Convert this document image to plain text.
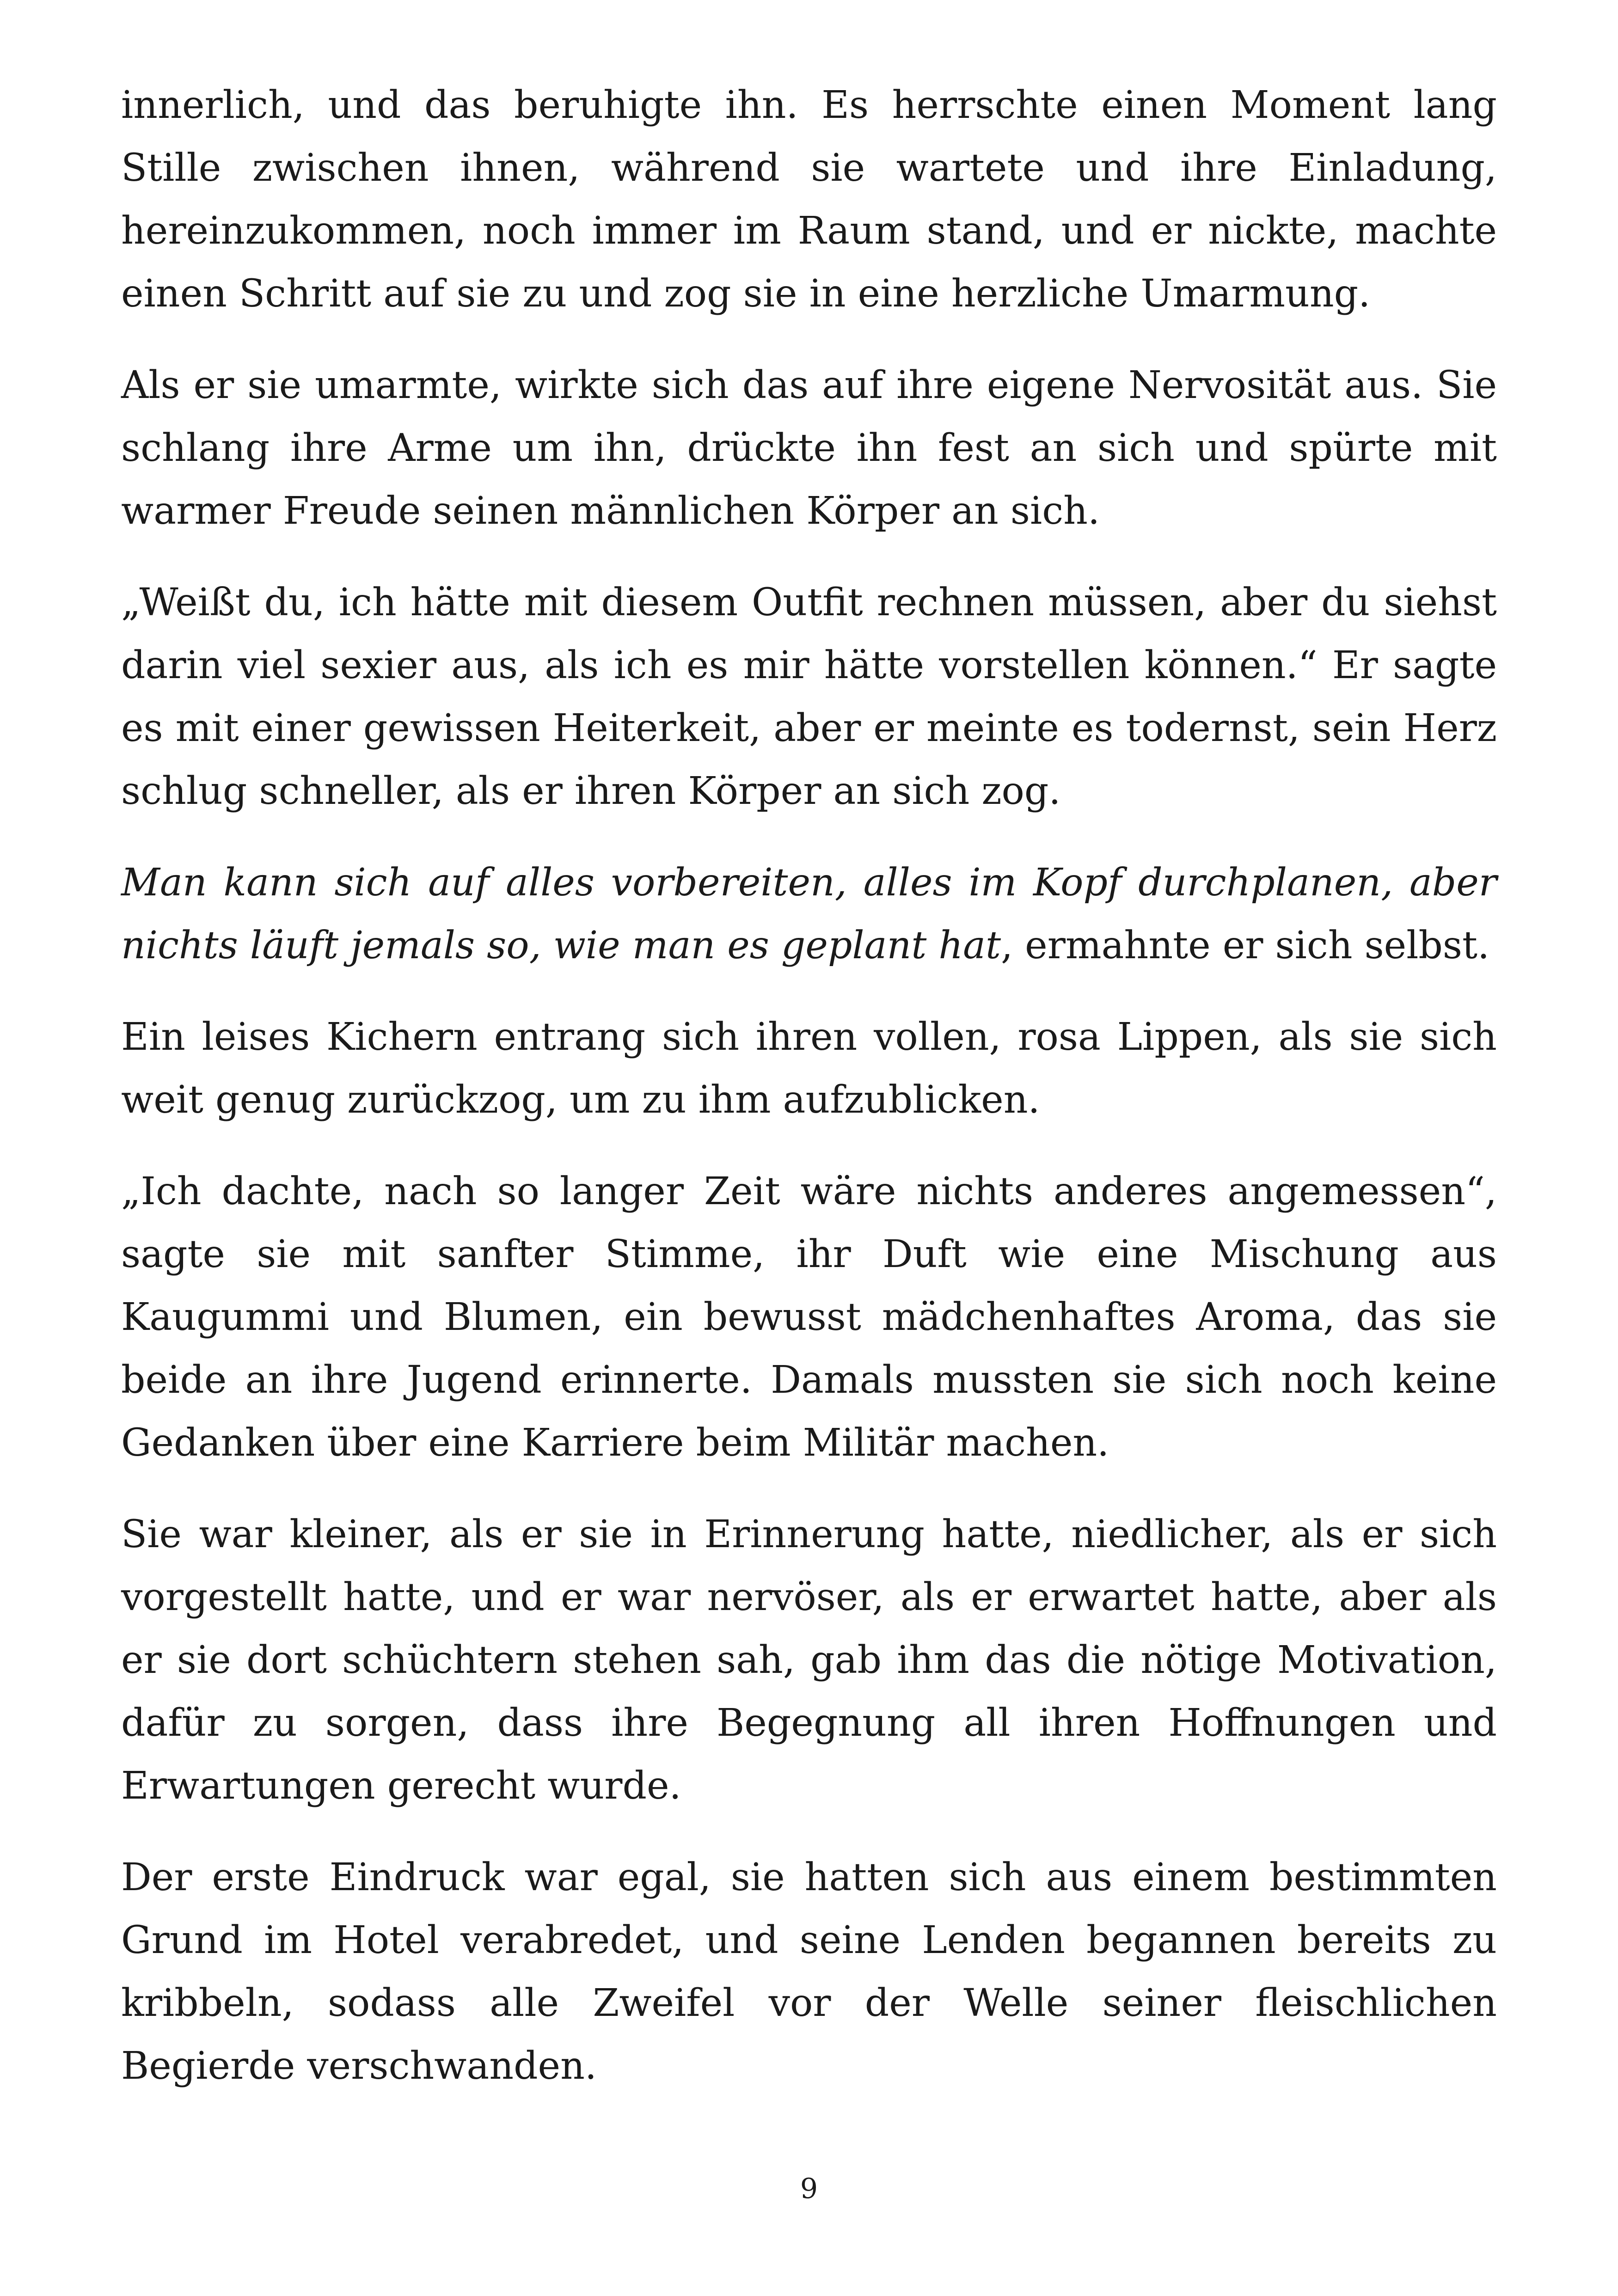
innerlich, und das beruhigte ihn. Es herrschte einen Moment lang Stille zwischen ihnen, während sie wartete und ihre Einladung, hereinzukommen, noch immer im Raum stand, und er nickte, machte einen Schritt auf sie zu und zog sie in eine herzliche Umarmung.

Als er sie umarmte, wirkte sich das auf ihre eigene Nervosität aus. Sie schlang ihre Arme um ihn, drückte ihn fest an sich und spürte mit warmer Freude seinen männlichen Körper an sich.

„Weißt du, ich hätte mit diesem Outfit rechnen müssen, aber du siehst darin viel sexier aus, als ich es mir hätte vorstellen können.“ Er sagte es mit einer gewissen Heiterkeit, aber er meinte es todernst, sein Herz schlug schneller, als er ihren Körper an sich zog.

Man kann sich auf alles vorbereiten, alles im Kopf durchplanen, aber nichts läuft jemals so, wie man es geplant hat, ermahnte er sich selbst.

Ein leises Kichern entrang sich ihren vollen, rosa Lippen, als sie sich weit genug zurückzog, um zu ihm aufzublicken.

„Ich dachte, nach so langer Zeit wäre nichts anderes angemessen“, sagte sie mit sanfter Stimme, ihr Duft wie eine Mischung aus Kaugummi und Blumen, ein bewusst mädchenhaftes Aroma, das sie beide an ihre Jugend erinnerte. Damals mussten sie sich noch keine Gedanken über eine Karriere beim Militär machen.

Sie war kleiner, als er sie in Erinnerung hatte, niedlicher, als er sich vorgestellt hatte, und er war nervöser, als er erwartet hatte, aber als er sie dort schüchtern stehen sah, gab ihm das die nötige Motivation, dafür zu sorgen, dass ihre Begegnung all ihren Hoffnungen und Erwartungen gerecht wurde.

Der erste Eindruck war egal, sie hatten sich aus einem bestimmten Grund im Hotel verabredet, und seine Lenden begannen bereits zu kribbeln, sodass alle Zweifel vor der Welle seiner fleischlichen Begierde verschwanden.

9
